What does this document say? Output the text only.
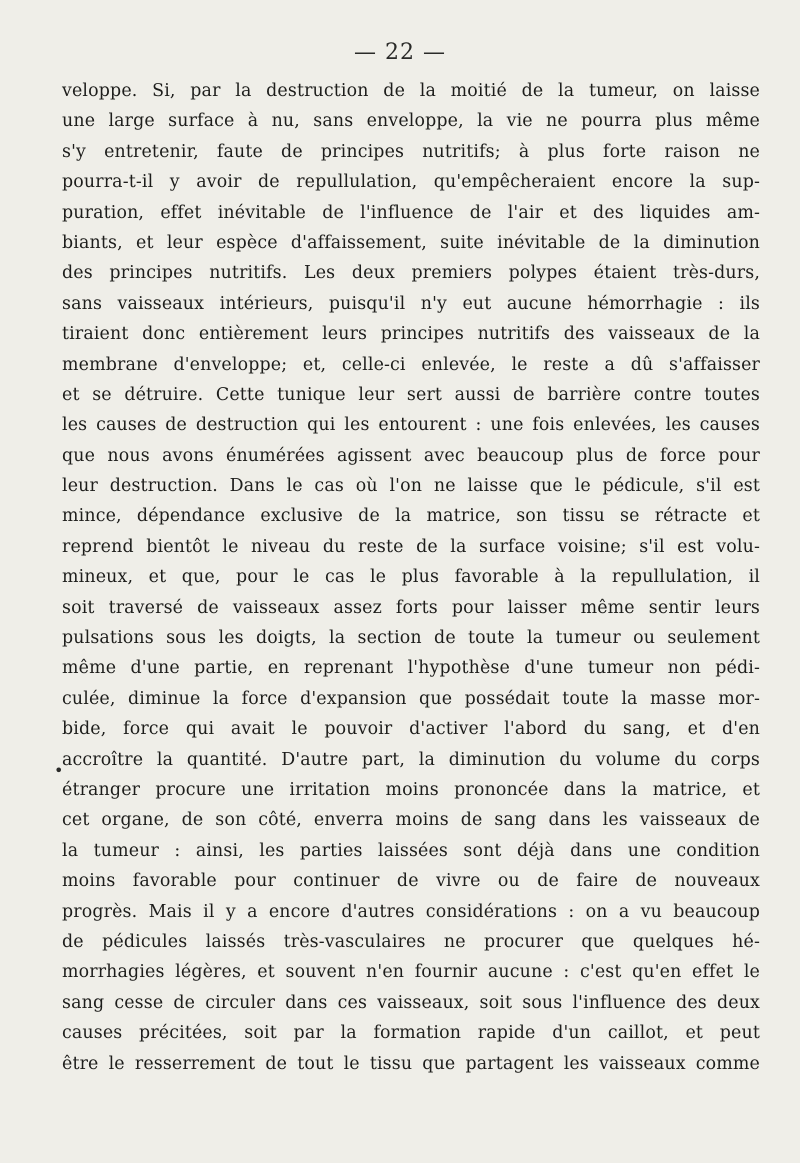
— 22 —
•
veloppe. Si, par la destruction de la moitié de la tumeur, on laisse
une large surface à nu, sans enveloppe, la vie ne pourra plus même
s'y entretenir, faute de principes nutritifs; à plus forte raison ne
pourra-t-il y avoir de repullulation, qu'empêcheraient encore la sup-
puration, effet inévitable de l'influence de l'air et des liquides am-
biants, et leur espèce d'affaissement, suite inévitable de la diminution
des principes nutritifs. Les deux premiers polypes étaient très-durs,
sans vaisseaux intérieurs, puisqu'il n'y eut aucune hémorrhagie : ils
tiraient donc entièrement leurs principes nutritifs des vaisseaux de la
membrane d'enveloppe; et, celle-ci enlevée, le reste a dû s'affaisser
et se détruire. Cette tunique leur sert aussi de barrière contre toutes
les causes de destruction qui les entourent : une fois enlevées, les causes
que nous avons énumérées agissent avec beaucoup plus de force pour
leur destruction. Dans le cas où l'on ne laisse que le pédicule, s'il est
mince, dépendance exclusive de la matrice, son tissu se rétracte et
reprend bientôt le niveau du reste de la surface voisine; s'il est volu-
mineux, et que, pour le cas le plus favorable à la repullulation, il
soit traversé de vaisseaux assez forts pour laisser même sentir leurs
pulsations sous les doigts, la section de toute la tumeur ou seulement
même d'une partie, en reprenant l'hypothèse d'une tumeur non pédi-
culée, diminue la force d'expansion que possédait toute la masse mor-
bide, force qui avait le pouvoir d'activer l'abord du sang, et d'en
accroître la quantité. D'autre part, la diminution du volume du corps
étranger procure une irritation moins prononcée dans la matrice, et
cet organe, de son côté, enverra moins de sang dans les vaisseaux de
la tumeur : ainsi, les parties laissées sont déjà dans une condition
moins favorable pour continuer de vivre ou de faire de nouveaux
progrès. Mais il y a encore d'autres considérations : on a vu beaucoup
de pédicules laissés très-vasculaires ne procurer que quelques hé-
morrhagies légères, et souvent n'en fournir aucune : c'est qu'en effet le
sang cesse de circuler dans ces vaisseaux, soit sous l'influence des deux
causes précitées, soit par la formation rapide d'un caillot, et peut
être le resserrement de tout le tissu que partagent les vaisseaux comme
